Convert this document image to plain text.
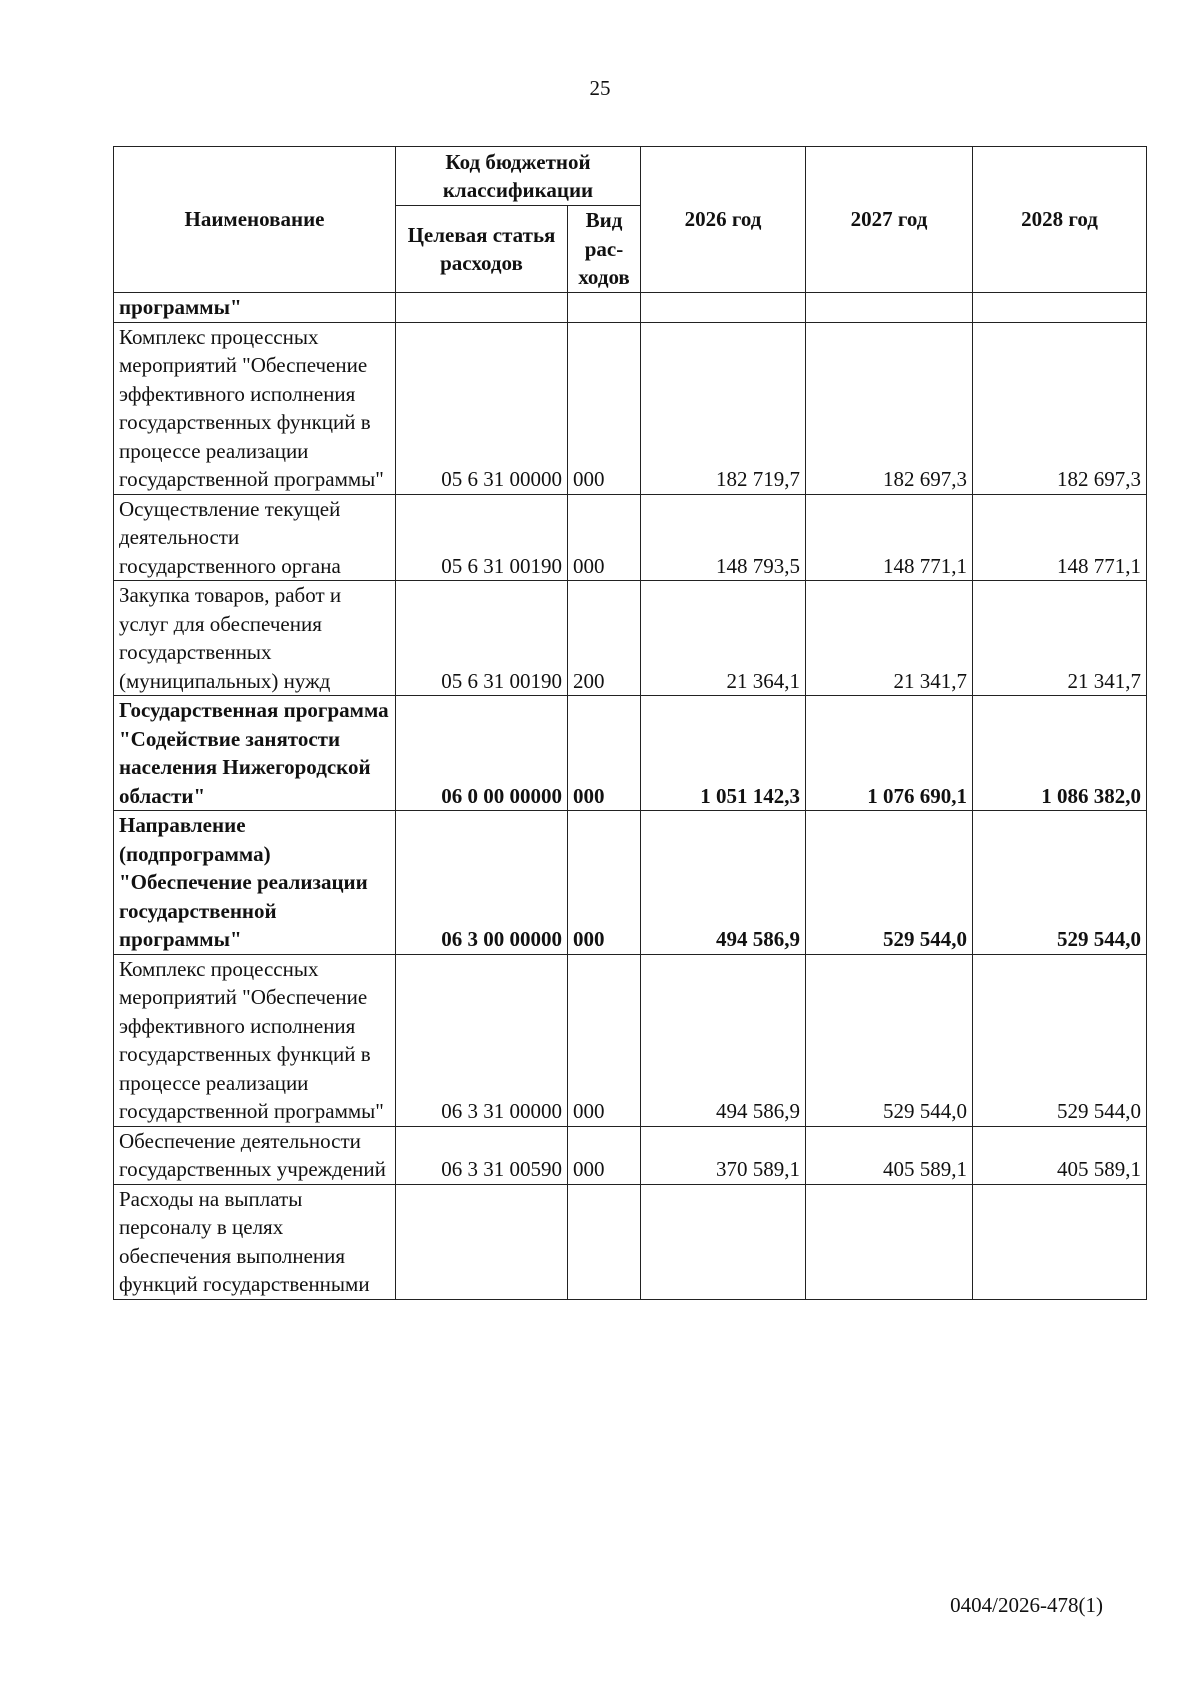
25
Наименование	Код бюджетной классификации		2026 год	2027 год	2028 год
	Целевая статья расходов	Вид рас-ходов			
программы"					
Комплекс процессных мероприятий "Обеспечение эффективного исполнения государственных функций в процессе реализации государственной программы"	05 6 31 00000	000	182 719,7	182 697,3	182 697,3
Осуществление текущей деятельности государственного органа	05 6 31 00190	000	148 793,5	148 771,1	148 771,1
Закупка товаров, работ и услуг для обеспечения государственных (муниципальных) нужд	05 6 31 00190	200	21 364,1	21 341,7	21 341,7
Государственная программа "Содействие занятости населения Нижегородской области"	06 0 00 00000	000	1 051 142,3	1 076 690,1	1 086 382,0
Направление (подпрограмма) "Обеспечение реализации государственной программы"	06 3 00 00000	000	494 586,9	529 544,0	529 544,0
Комплекс процессных мероприятий "Обеспечение эффективного исполнения государственных функций в процессе реализации государственной программы"	06 3 31 00000	000	494 586,9	529 544,0	529 544,0
Обеспечение деятельности государственных учреждений	06 3 31 00590	000	370 589,1	405 589,1	405 589,1
Расходы на выплаты персоналу в целях обеспечения выполнения функций государственными					
0404/2026-478(1)
